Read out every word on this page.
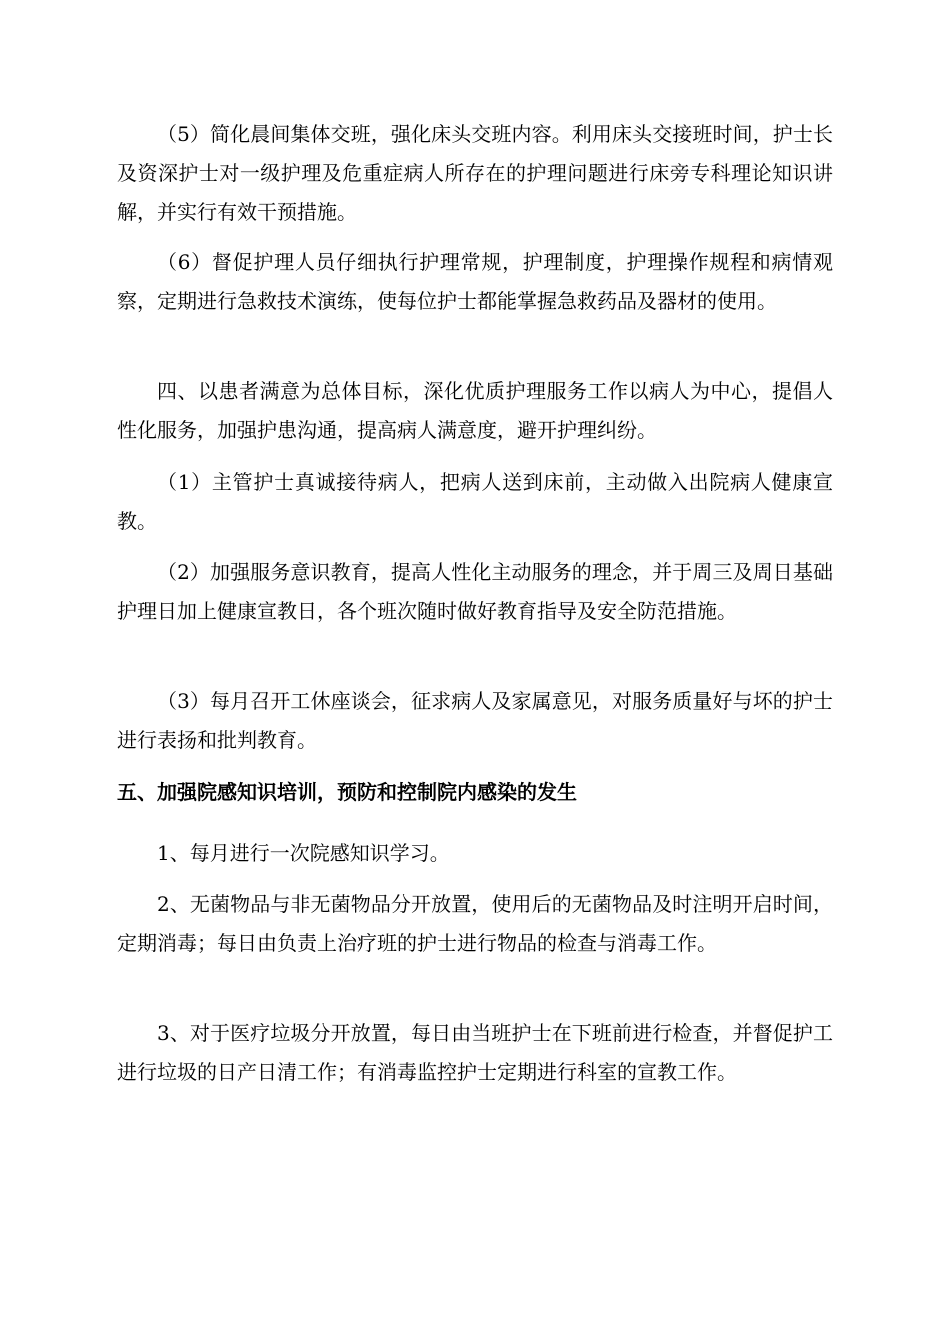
（5）简化晨间集体交班，强化床头交班内容。利用床头交接班时间，护士长及资深护士对一级护理及危重症病人所存在的护理问题进行床旁专科理论知识讲解，并实行有效干预措施。

（6）督促护理人员仔细执行护理常规，护理制度，护理操作规程和病情观察，定期进行急救技术演练，使每位护士都能掌握急救药品及器材的使用。

四、以患者满意为总体目标，深化优质护理服务工作以病人为中心，提倡人性化服务，加强护患沟通，提高病人满意度，避开护理纠纷。

（1）主管护士真诚接待病人，把病人送到床前，主动做入出院病人健康宣教。

（2）加强服务意识教育，提高人性化主动服务的理念，并于周三及周日基础护理日加上健康宣教日，各个班次随时做好教育指导及安全防范措施。

（3）每月召开工休座谈会，征求病人及家属意见，对服务质量好与坏的护士进行表扬和批判教育。

五、加强院感知识培训，预防和控制院内感染的发生

1、每月进行一次院感知识学习。

2、无菌物品与非无菌物品分开放置，使用后的无菌物品及时注明开启时间，定期消毒；每日由负责上治疗班的护士进行物品的检查与消毒工作。

3、对于医疗垃圾分开放置，每日由当班护士在下班前进行检查，并督促护工进行垃圾的日产日清工作；有消毒监控护士定期进行科室的宣教工作。
